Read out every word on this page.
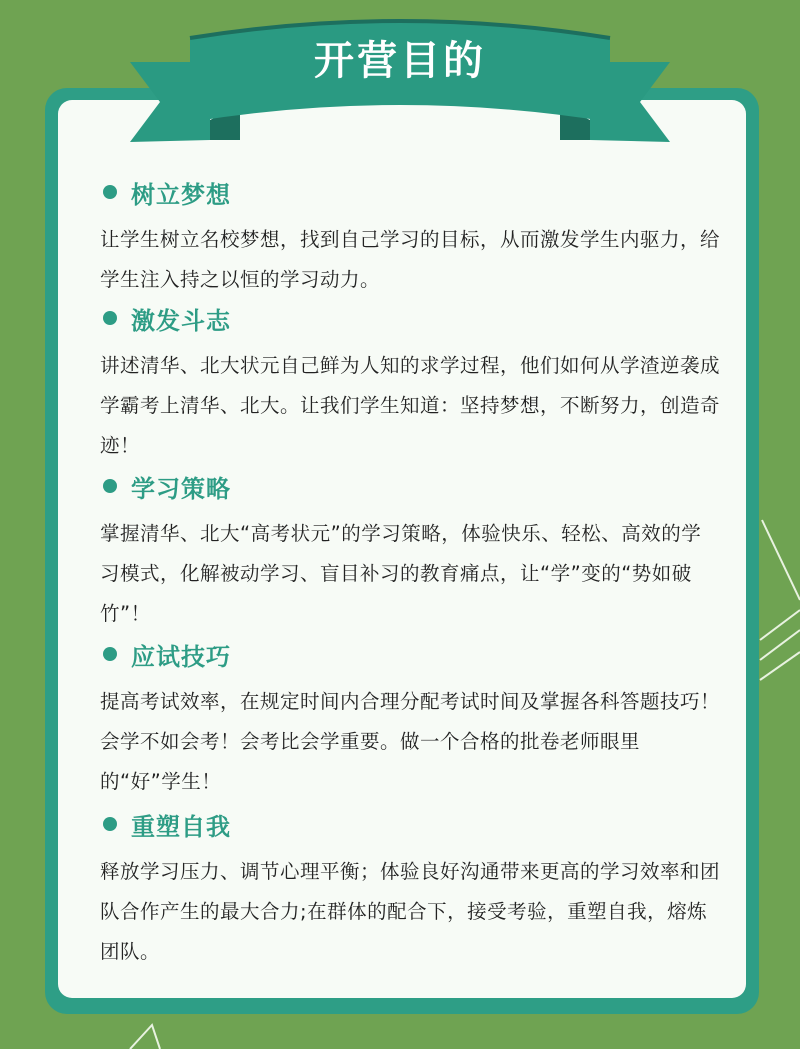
开营目的
树立梦想
让学生树立名校梦想，找到自己学习的目标，从而激发学生内驱力，给学生注入持之以恒的学习动力。
激发斗志
讲述清华、北大状元自己鲜为人知的求学过程，他们如何从学渣逆袭成学霸考上清华、北大。让我们学生知道：坚持梦想，不断努力，创造奇迹！
学习策略
掌握清华、北大“高考状元”的学习策略，体验快乐、轻松、高效的学习模式，化解被动学习、盲目补习的教育痛点，让“学”变的“势如破竹”！
应试技巧
提高考试效率，在规定时间内合理分配考试时间及掌握各科答题技巧！会学不如会考！会考比会学重要。做一个合格的批卷老师眼里的“好”学生！
重塑自我
释放学习压力、调节心理平衡；体验良好沟通带来更高的学习效率和团队合作产生的最大合力;在群体的配合下，接受考验，重塑自我，熔炼团队。
